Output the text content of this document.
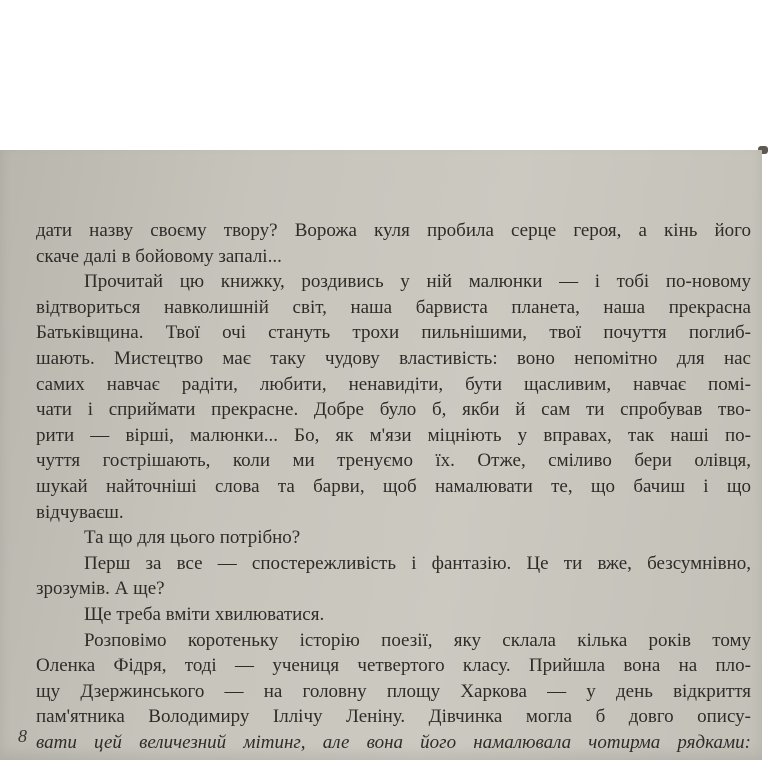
дати назву своєму твору? Ворожа куля пробила серце героя, а кінь його
скаче далі в бойовому запалі...
Прочитай цю книжку, роздивись у ній малюнки — і тобі по-новому
відтвориться навколишній світ, наша барвиста планета, наша прекрасна
Батьківщина. Твої очі стануть трохи пильнішими, твої почуття поглиб-
шають. Мистецтво має таку чудову властивість: воно непомітно для нас
самих навчає радіти, любити, ненавидіти, бути щасливим, навчає помі-
чати і сприймати прекрасне. Добре було б, якби й сам ти спробував тво-
рити — вірші, малюнки... Бо, як м'язи міцніють у вправах, так наші по-
чуття гострішають, коли ми тренуємо їх. Отже, сміливо бери олівця,
шукай найточніші слова та барви, щоб намалювати те, що бачиш і що
відчуваєш.
Та що для цього потрібно?
Перш за все — спостережливість і фантазію. Це ти вже, безсумнівно,
зрозумів. А ще?
Ще треба вміти хвилюватися.
Розповімо коротеньку історію поезії, яку склала кілька років тому
Оленка Фідря, тоді — учениця четвертого класу. Прийшла вона на пло-
щу Дзержинського — на головну площу Харкова — у день відкриття
пам'ятника Володимиру Іллічу Леніну. Дівчинка могла б довго опису-
вати цей величезний мітинг, але вона його намалювала чотирма рядками:
8
